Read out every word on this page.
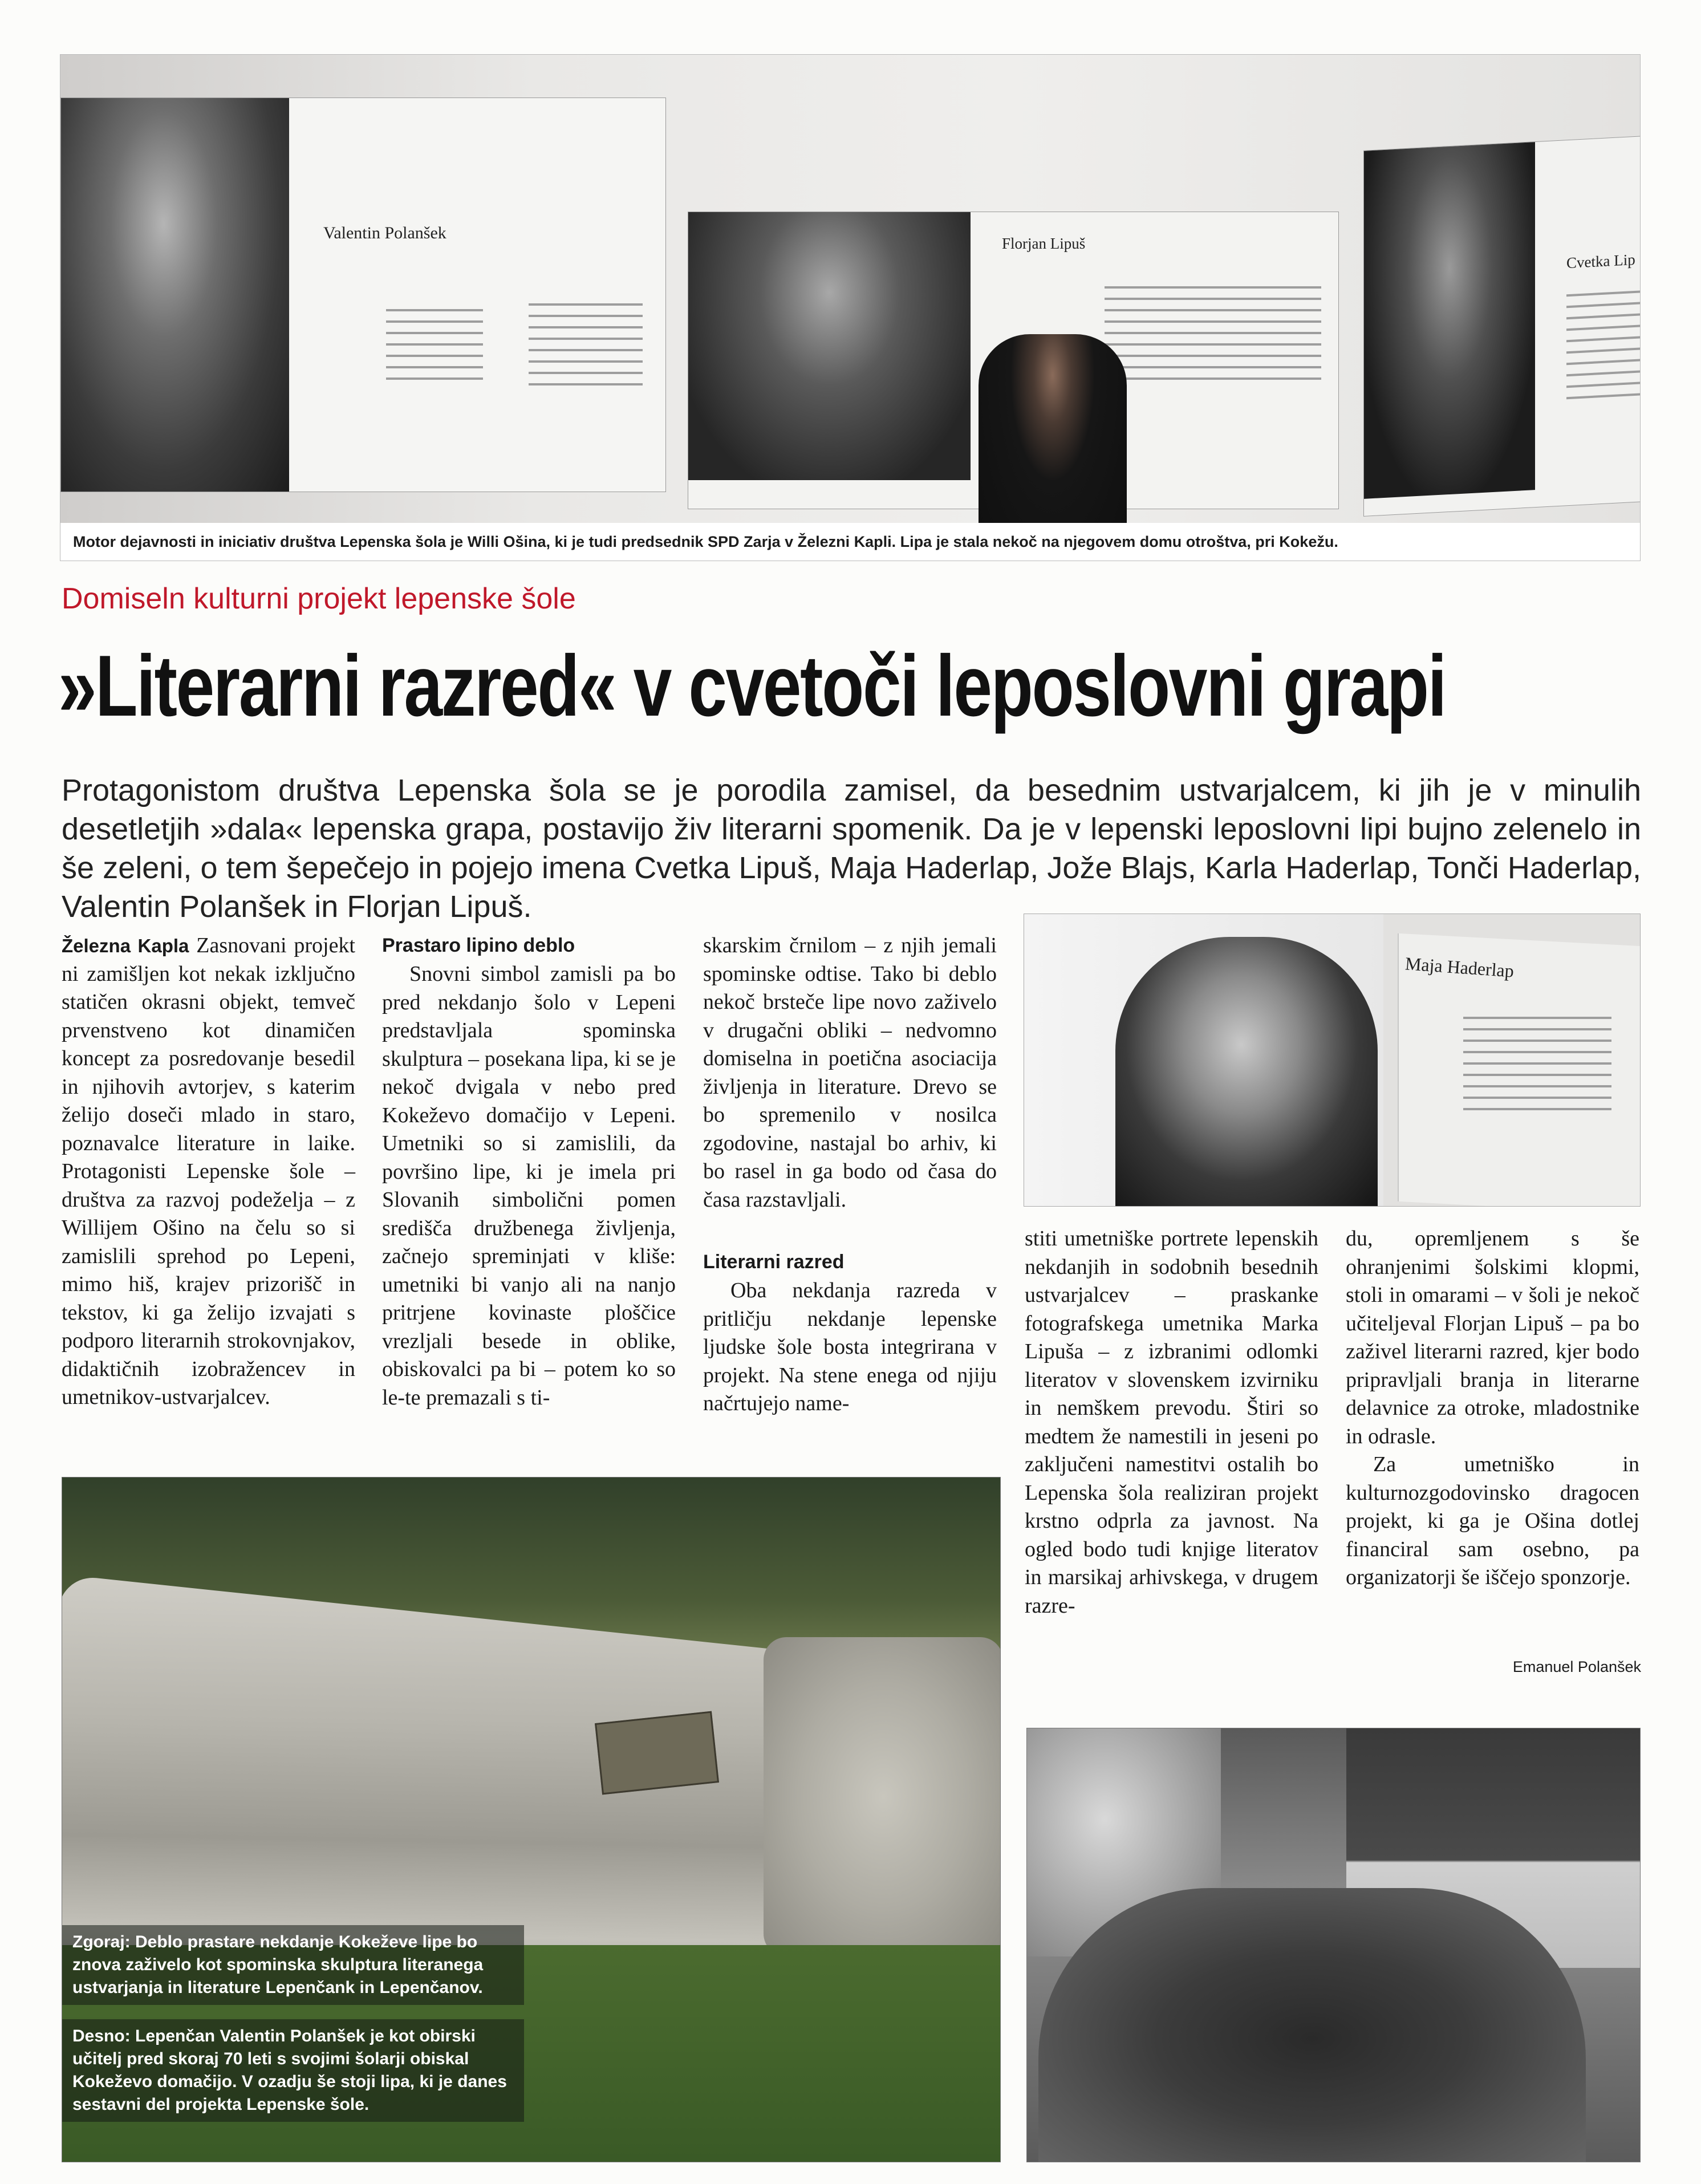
Valentin Polanšek
Florjan Lipuš
Cvetka Lip
Motor dejavnosti in iniciativ društva Lepenska šola je Willi Ošina, ki je tudi predsednik SPD Zarja v Železni Kapli. Lipa je stala nekoč na njegovem domu otroštva, pri Kokežu.
Domiseln kulturni projekt lepenske šole
»Literarni razred« v cvetoči leposlovni grapi
Protagonistom društva Lepenska šola se je porodila zamisel, da besednim ustvarjalcem, ki jih je v minulih desetletjih »dala« lepenska grapa, postavijo živ literarni spomenik. Da je v lepenski leposlovni lipi bujno zelenelo in še zeleni, o tem šepečejo in pojejo imena Cvetka Lipuš, Maja Haderlap, Jože Blajs, Karla Haderlap, Tonči Haderlap, Valentin Polanšek in Florjan Lipuš.

Železna Kapla Zasnovani projekt ni zamišljen kot nekak izključno statičen okrasni objekt, temveč prvenstveno kot dinamičen koncept za posredovanje besedil in njihovih avtorjev, s katerim želijo doseči mlado in staro, poznavalce literature in laike. Protagonisti Lepenske šole – društva za razvoj podeželja – z Willijem Ošino na čelu so si zamislili sprehod po Lepeni, mimo hiš, krajev prizorišč in tekstov, ki ga želijo izvajati s podporo literarnih strokovnjakov, didaktičnih izobražencev in umetnikov-ustvarjalcev.

Prastaro lipino deblo

Snovni simbol zamisli pa bo pred nekdanjo šolo v Lepeni predstavljala spominska skulptura – posekana lipa, ki se je nekoč dvigala v nebo pred Kokeževo domačijo v Lepeni. Umetniki so si zamislili, da površino lipe, ki je imela pri Slovanih simbolični pomen središča družbenega življenja, začnejo spreminjati v kliše: umetniki bi vanjo ali na nanjo pritrjene kovinaste ploščice vrezljali besede in oblike, obiskovalci pa bi – potem ko so le-te premazali s ti-

skarskim črnilom – z njih jemali spominske odtise. Tako bi deblo nekoč brsteče lipe novo zaživelo v drugačni obliki – nedvomno domiselna in poetična asociacija življenja in literature. Drevo se bo spremenilo v nosilca zgodovine, nastajal bo arhiv, ki bo rasel in ga bodo od časa do časa razstavljali.

Literarni razred

Oba nekdanja razreda v pritličju nekdanje lepenske ljudske šole bosta integrirana v projekt. Na stene enega od njiju načrtujejo name-

Maja Haderlap

stiti umetniške portrete lepenskih nekdanjih in sodobnih besednih ustvarjalcev – praskanke fotografskega umetnika Marka Lipuša – z izbranimi odlomki literatov v slovenskem izvirniku in nemškem prevodu. Štiri so medtem že namestili in jeseni po zaključeni namestitvi ostalih bo Lepenska šola realiziran projekt krstno odprla za javnost. Na ogled bodo tudi knjige literatov in marsikaj arhivskega, v drugem razre-

du, opremljenem s še ohranjenimi šolskimi klopmi, stoli in omarami – v šoli je nekoč učiteljeval Florjan Lipuš – pa bo zaživel literarni razred, kjer bodo pripravljali branja in literarne delavnice za otroke, mladostnike in odrasle.

Za umetniško in kulturnozgodovinsko dragocen projekt, ki ga je Ošina dotlej financiral sam osebno, pa organizatorji še iščejo sponzorje.

Emanuel Polanšek
Zgoraj: Deblo prastare nekdanje Kokeževe lipe bo znova zaživelo kot spominska skulptura literanega ustvarjanja in literature Lepenčank in Lepenčanov.
Desno: Lepenčan Valentin Polanšek je kot obirski učitelj pred skoraj 70 leti s svojimi šolarji obiskal Kokeževo domačijo. V ozadju še stoji lipa, ki je danes sestavni del projekta Lepenske šole.
